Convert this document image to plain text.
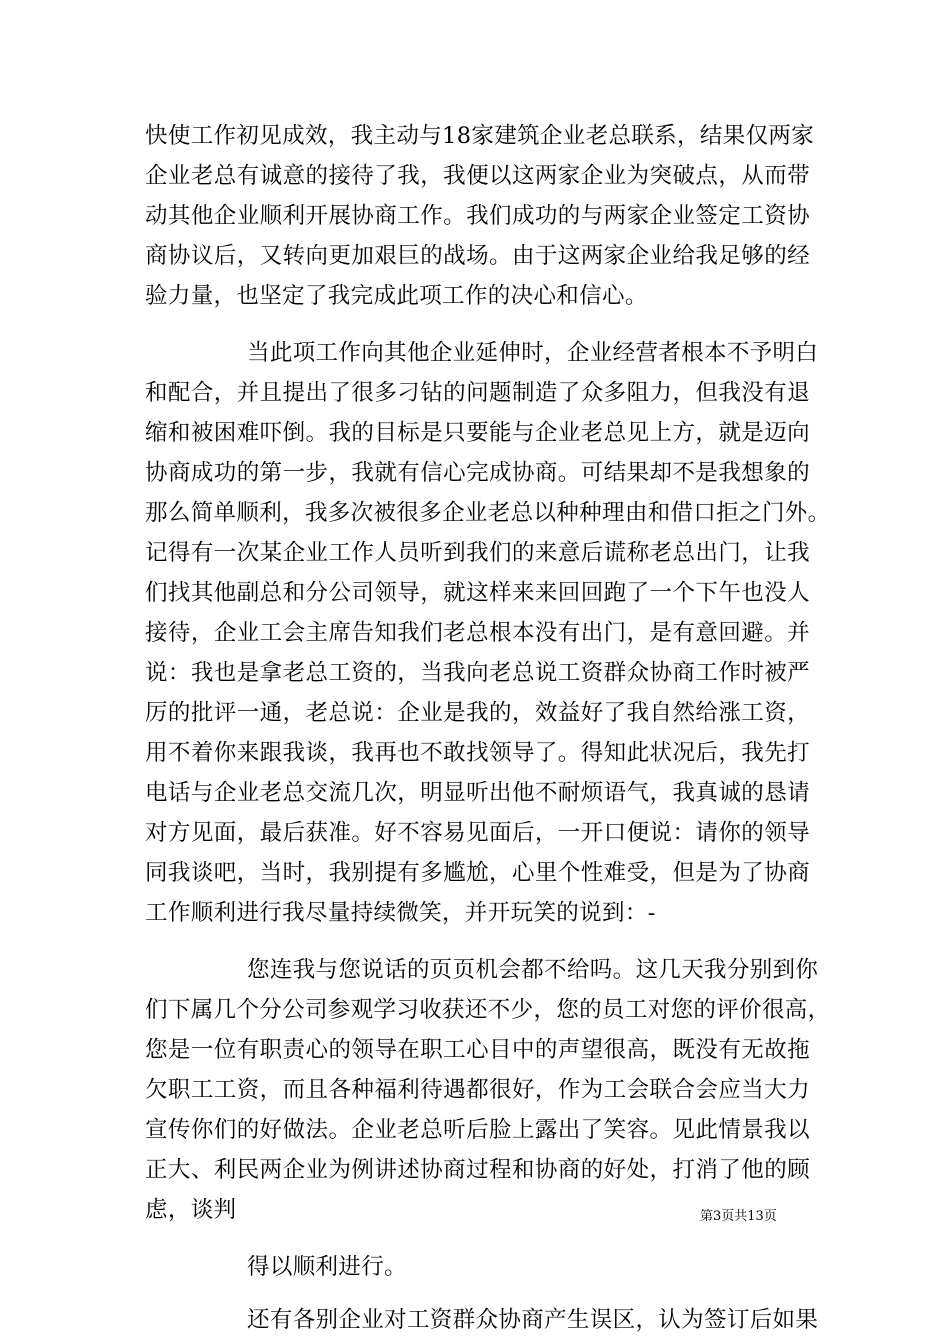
快使工作初见成效，我主动与18家建筑企业老总联系，结果仅两家
企业老总有诚意的接待了我，我便以这两家企业为突破点，从而带
动其他企业顺利开展协商工作。我们成功的与两家企业签定工资协
商协议后，又转向更加艰巨的战场。由于这两家企业给我足够的经
验力量，也坚定了我完成此项工作的决心和信心。
当此项工作向其他企业延伸时，企业经营者根本不予明白
和配合，并且提出了很多刁钻的问题制造了众多阻力，但我没有退
缩和被困难吓倒。我的目标是只要能与企业老总见上方，就是迈向
协商成功的第一步，我就有信心完成协商。可结果却不是我想象的
那么简单顺利，我多次被很多企业老总以种种理由和借口拒之门外。
记得有一次某企业工作人员听到我们的来意后谎称老总出门，让我
们找其他副总和分公司领导，就这样来来回回跑了一个下午也没人
接待，企业工会主席告知我们老总根本没有出门，是有意回避。并
说：我也是拿老总工资的，当我向老总说工资群众协商工作时被严
厉的批评一通，老总说：企业是我的，效益好了我自然给涨工资，
用不着你来跟我谈，我再也不敢找领导了。得知此状况后，我先打
电话与企业老总交流几次，明显听出他不耐烦语气，我真诚的恳请
对方见面，最后获准。好不容易见面后，一开口便说：请你的领导
同我谈吧，当时，我别提有多尴尬，心里个性难受，但是为了协商
工作顺利进行我尽量持续微笑，并开玩笑的说到：-
您连我与您说话的页页机会都不给吗。这几天我分别到你
们下属几个分公司参观学习收获还不少，您的员工对您的评价很高，
您是一位有职责心的领导在职工心目中的声望很高，既没有无故拖
欠职工工资，而且各种福利待遇都很好，作为工会联合会应当大力
宣传你们的好做法。企业老总听后脸上露出了笑容。见此情景我以
正大、利民两企业为例讲述协商过程和协商的好处，打消了他的顾
虑，谈判
得以顺利进行。
还有各别企业对工资群众协商产生误区，认为签订后如果
第3页共13页
